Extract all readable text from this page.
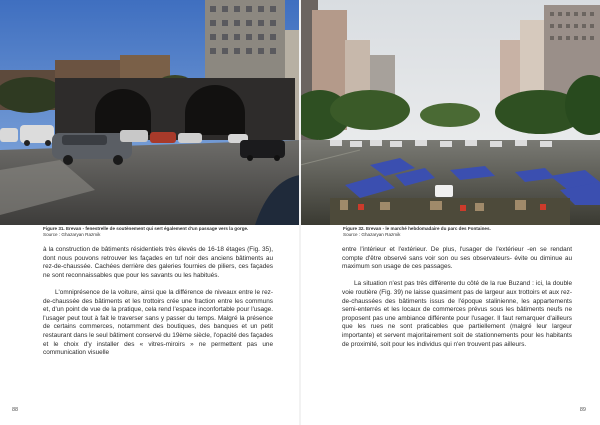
Figure 31. Erevan - fenestrelle de soutènement qui sert également d'un passage vers la gorge.
Source : Ghazaryan Razmik

à la construction de bâtiments résidentiels très élevés de 16-18 étages (Fig. 35), dont nous pouvons retrouver les façades en tuf noir des anciens bâtiments au rez-de-chaussée. Cachées derrière des galeries fournies de piliers, ces façades ne sont reconnaissables que pour les savants ou les habitués.

L'omniprésence de la voiture, ainsi que la différence de niveaux entre le rez-de-chaussée des bâtiments et les trottoirs crée une fraction entre les communs et, d'un point de vue de la pratique, cela rend l'espace inconfortable pour l'usage. l'usager peut tout à fait le traverser sans y passer du temps. Malgré la présence de certains commerces, notamment des boutiques, des banques et un petit restaurant dans le seul bâtiment conservé du 19ème siècle, l'opacité des façades et le choix d'y installer des « vitres-miroirs » ne permettent pas une communication visuelle

88
Figure 32. Erevan - le marché hebdomadaire du parc des Fontaines.
Source : Ghazaryan Razmik

entre l'intérieur et l'extérieur. De plus, l'usager de l'extérieur -en se rendant compte d'être observé sans voir son ou ses observateurs- évite ou diminue au maximum son usage de ces passages.

La situation n'est pas très différente du côté de la rue Buzand : ici, la double voie routière (Fig. 39) ne laisse quasiment pas de largeur aux trottoirs et aux rez-de-chaussées des bâtiments issus de l'époque stalinienne, les appartements semi-enterrés et les locaux de commerces prévus sous les bâtiments neufs ne proposent pas une ambiance différente pour l'usager. Il faut remarquer d'ailleurs que les rues ne sont praticables que partiellement (malgré leur largeur importante) et servent majoritairement soit de stationnements pour les habitants de proximité, soit pour les individus qui n'en trouvent pas ailleurs.

89
